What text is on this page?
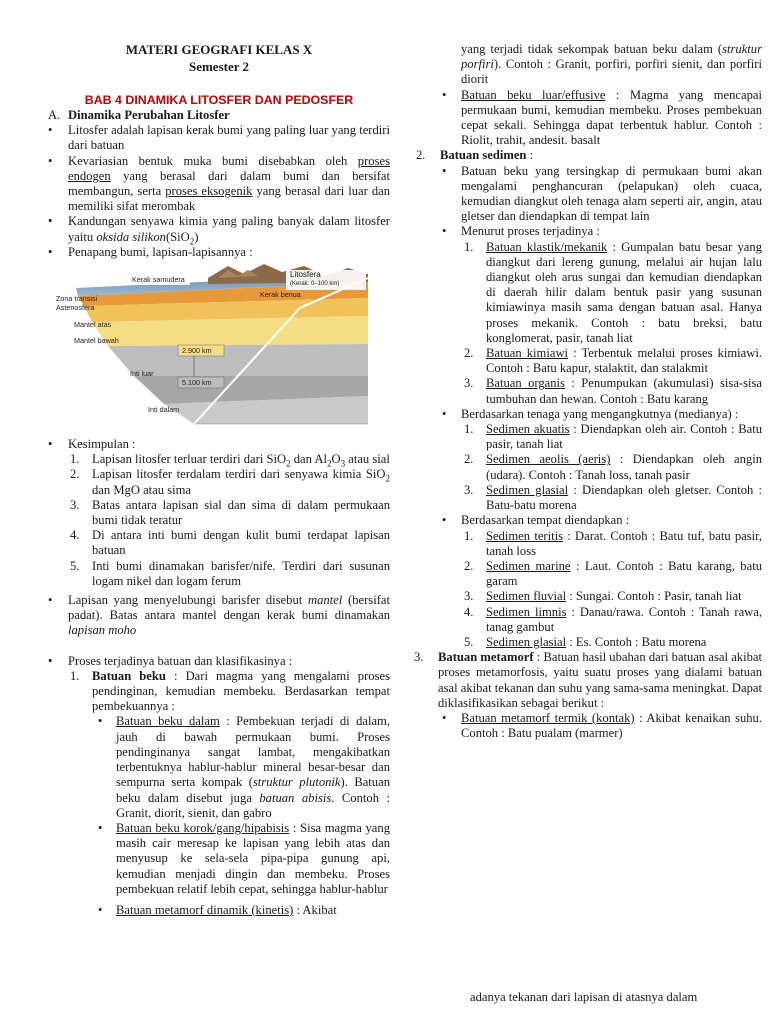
MATERI GEOGRAFI KELAS X
Semester 2
BAB 4 DINAMIKA LITOSFER DAN PEDOSFER
A. Dinamika Perubahan Litosfer
• Litosfer adalah lapisan kerak bumi yang paling luar yang terdiri dari batuan
• Kevariasian bentuk muka bumi disebabkan oleh proses endogen yang berasal dari dalam bumi dan bersifat membangun, serta proses eksogenik yang berasal dari luar dan memiliki sifat merombak
• Kandungan senyawa kimia yang paling banyak dalam litosfer yaitu oksida silikon(SiO$_2$)
• Penapang bumi, lapisan-lapisannya :
Kerak samudera
Litosfera
(Kerak: 0–100 km)
Zona transisi
Astenosfera
Kerak benua
Mantel atas
Mantel bawah
2.900 km
Inti luar
5.100 km
Inti dalam
• Kesimpulan :
1. Lapisan litosfer terluar terdiri dari SiO$_2$ dan $Al_2O_3$ atau sial
2. Lapisan litosfer terdalam terdiri dari senyawa kimia SiO$_2$ dan MgO atau sima
3. Batas antara lapisan sial dan sima di dalam permukaan bumi tidak teratur
4. Di antara inti bumi dengan kulit bumi terdapat lapisan batuan
5. Inti bumi dinamakan barisfer/nife. Terdiri dari susunan logam nikel dan logam ferum
• Lapisan yang menyelubungi barisfer disebut mantel (bersifat padat). Batas antara mantel dengan kerak bumi dinamakan lapisan moho
• Proses terjadinya batuan dan klasifikasinya :
1. Batuan beku : Dari magma yang mengalami proses pendinginan, kemudian membeku. Berdasarkan tempat pembekuannya :
• Batuan beku dalam : Pembekuan terjadi di dalam, jauh di bawah permukaan bumi. Proses pendinginanya sangat lambat, mengakibatkan terbentuknya hablur-hablur mineral besar-besar dan sempurna serta kompak (struktur plutonik). Batuan beku dalam disebut juga batuan abisis. Contoh : Granit, diorit, sienit, dan gabro
• Batuan beku korok/gang/hipabisis : Sisa magma yang masih cair meresap ke lapisan yang lebih atas dan menyusup ke sela-sela pipa-pipa gunung api, kemudian menjadi dingin dan membeku. Proses pembekuan relatif lebih cepat, sehingga hablur-hablur
• Batuan metamorf dinamik (kinetis) : Akibat
yang terjadi tidak sekompak batuan beku dalam (struktur porfiri). Contoh : Granit, porfiri, porfiri sienit, dan porfiri diorit
• Batuan beku luar/effusive : Magma yang mencapai permukaan bumi, kemudian membeku. Proses pembekuan cepat sekali. Sehingga dapat terbentuk hablur. Contoh : Riolit, trahit, andesit. basalt
2. Batuan sedimen :
• Batuan beku yang tersingkap di permukaan bumi akan mengalami penghancuran (pelapukan) oleh cuaca, kemudian diangkut oleh tenaga alam seperti air, angin, atau gletser dan diendapkan di tempat lain
• Menurut proses terjadinya :
1. Batuan klastik/mekanik : Gumpalan batu besar yang diangkut dari lereng gunung, melalui air hujan lalu diangkut oleh arus sungai dan kemudian diendapkan di daerah hilir dalam bentuk pasir yang susunan kimiawinya masih sama dengan batuan asal. Hanya proses mekanik. Contoh : batu breksi, batu konglomerat, pasir, tanah liat
2. Batuan kimiawi : Terbentuk melalui proses kimiawi. Contoh : Batu kapur, stalaktit, dan stalakmit
3. Batuan organis : Penumpukan (akumulasi) sisa-sisa tumbuhan dan hewan. Contoh : Batu karang
• Berdasarkan tenaga yang mengangkutnya (medianya) :
1. Sedimen akuatis : Diendapkan oleh air. Contoh : Batu pasir, tanah liat
2. Sedimen aeolis (aeris) : Diendapkan oleh angin (udara). Contoh : Tanah loss, tanah pasir
3. Sedimen glasial : Diendapkan oleh gletser. Contoh : Batu-batu morena
• Berdasarkan tempat diendapkan :
1. Sedimen teritis : Darat. Contoh : Batu tuf, batu pasir, tanah loss
2. Sedimen marine : Laut. Contoh : Batu karang, batu garam
3. Sedimen fluvial : Sungai. Contoh : Pasir, tanah liat
4. Sedimen limnis : Danau/rawa. Contoh : Tanah rawa, tanag gambut
5. Sedimen glasial : Es. Contoh : Batu morena
3. Batuan metamorf : Batuan hasil ubahan dari batuan asal akibat proses metamorfosis, yaitu suatu proses yang dialami batuan asal akibat tekanan dan suhu yang sama-sama meningkat. Dapat diklasifikasikan sebagai berikut :
• Batuan metamorf termik (kontak) : Akibat kenaikan suhu. Contoh : Batu pualam (marmer)
adanya tekanan dari lapisan di atasnya dalam
